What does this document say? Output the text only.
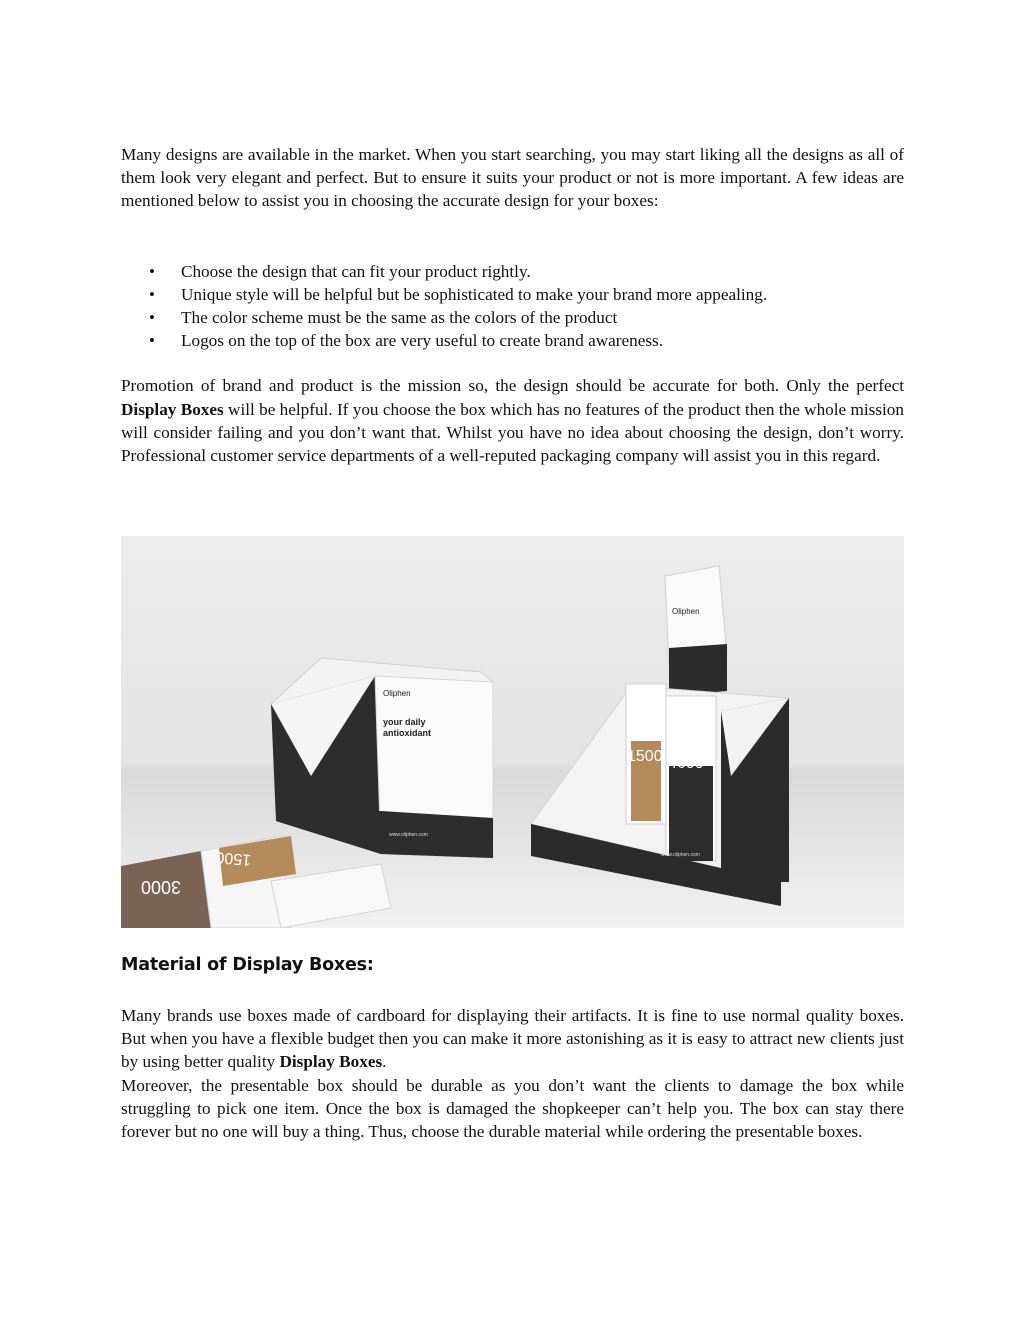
Many designs are available in the market. When you start searching, you may start liking all the designs as all of them look very elegant and perfect. But to ensure it suits your product or not is more important. A few ideas are mentioned below to assist you in choosing the accurate design for your boxes:

• Choose the design that can fit your product rightly.
• Unique style will be helpful but be sophisticated to make your brand more appealing.
• The color scheme must be the same as the colors of the product
• Logos on the top of the box are very useful to create brand awareness.

Promotion of brand and product is the mission so, the design should be accurate for both. Only the perfect Display Boxes will be helpful. If you choose the box which has no features of the product then the whole mission will consider failing and you don’t want that. Whilst you have no idea about choosing the design, don’t worry. Professional customer service departments of a well-reputed packaging company will assist you in this regard.

Oliphen
your daily
antioxidant
www.oliphen.com
Oliphen
1500 4600
www.oliphen.com
3000
1500
Material of Display Boxes:

Many brands use boxes made of cardboard for displaying their artifacts. It is fine to use normal quality boxes. But when you have a flexible budget then you can make it more astonishing as it is easy to attract new clients just by using better quality Display Boxes.

Moreover, the presentable box should be durable as you don’t want the clients to damage the box while struggling to pick one item. Once the box is damaged the shopkeeper can’t help you. The box can stay there forever but no one will buy a thing. Thus, choose the durable material while ordering the presentable boxes.
